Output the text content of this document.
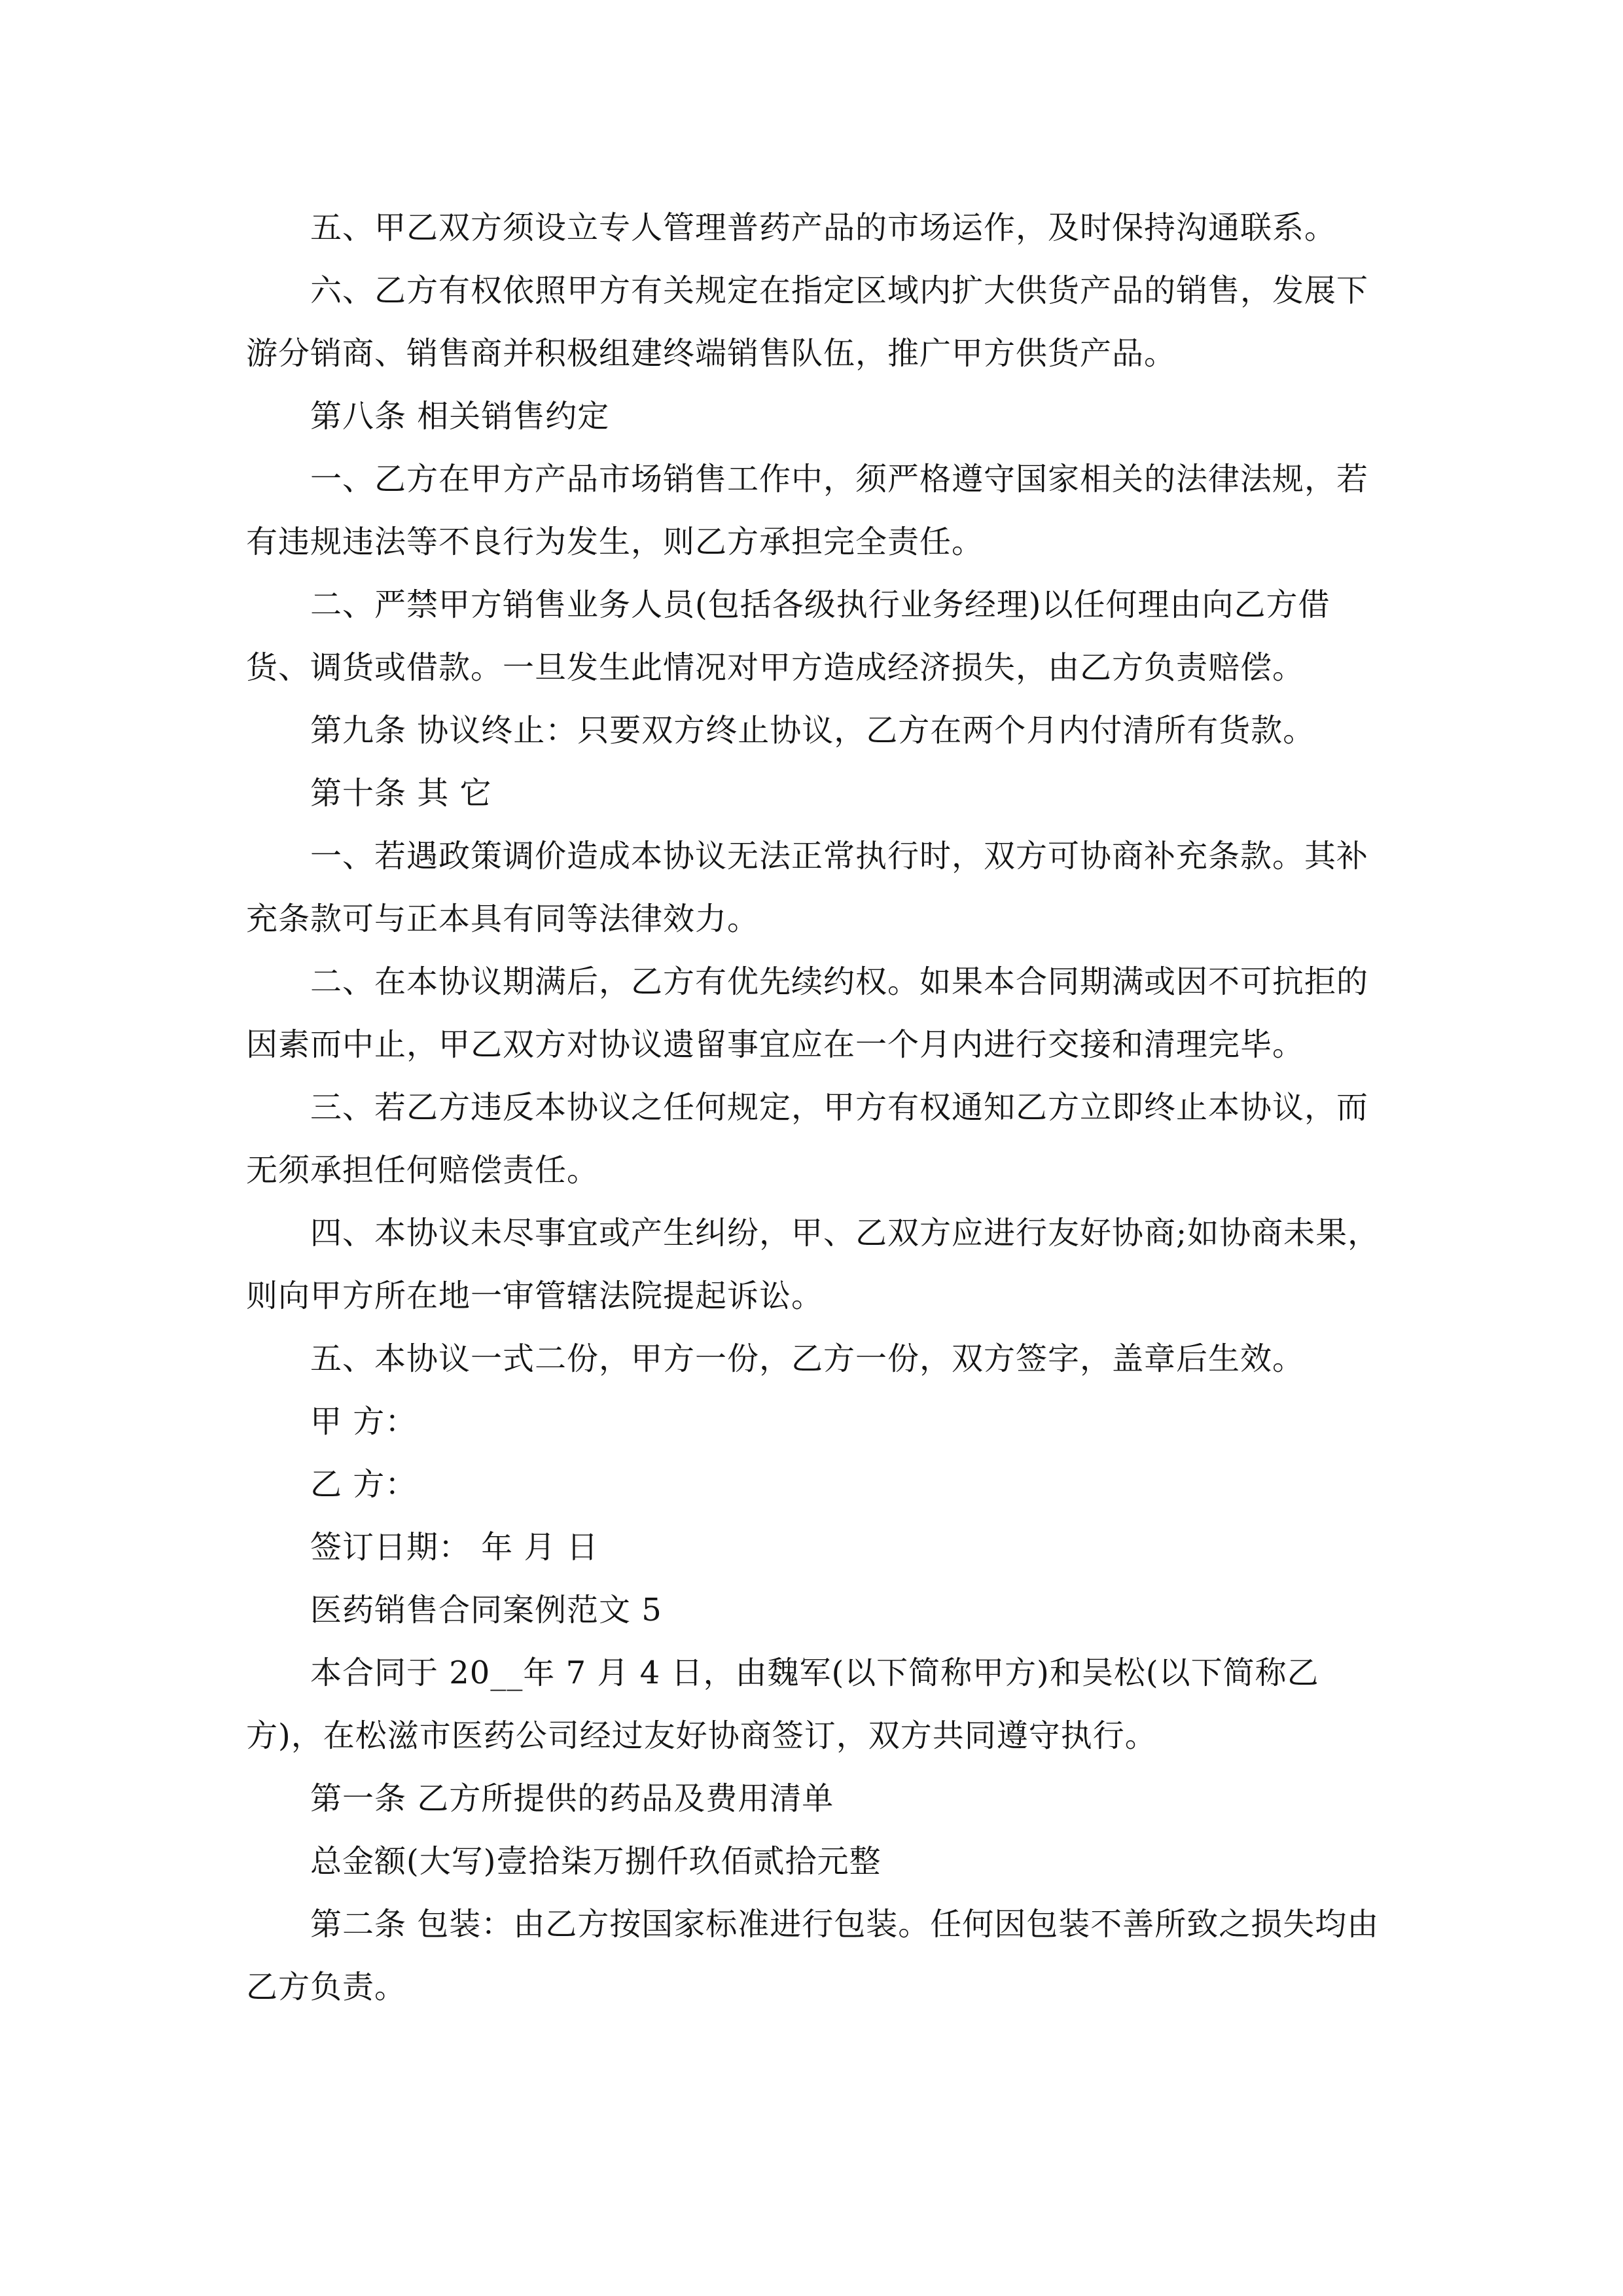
五、甲乙双方须设立专人管理普药产品的市场运作，及时保持沟通联系。

六、乙方有权依照甲方有关规定在指定区域内扩大供货产品的销售，发展下游分销商、销售商并积极组建终端销售队伍，推广甲方供货产品。

第八条 相关销售约定

一、乙方在甲方产品市场销售工作中，须严格遵守国家相关的法律法规，若有违规违法等不良行为发生，则乙方承担完全责任。

二、严禁甲方销售业务人员(包括各级执行业务经理)以任何理由向乙方借货、调货或借款。一旦发生此情况对甲方造成经济损失，由乙方负责赔偿。

第九条 协议终止：只要双方终止协议，乙方在两个月内付清所有货款。

第十条 其 它

一、若遇政策调价造成本协议无法正常执行时，双方可协商补充条款。其补充条款可与正本具有同等法律效力。

二、在本协议期满后，乙方有优先续约权。如果本合同期满或因不可抗拒的因素而中止，甲乙双方对协议遗留事宜应在一个月内进行交接和清理完毕。

三、若乙方违反本协议之任何规定，甲方有权通知乙方立即终止本协议，而无须承担任何赔偿责任。

四、本协议未尽事宜或产生纠纷，甲、乙双方应进行友好协商;如协商未果，则向甲方所在地一审管辖法院提起诉讼。

五、本协议一式二份，甲方一份，乙方一份，双方签字，盖章后生效。

甲 方：

乙 方：

签订日期： 年 月 日

医药销售合同案例范文 5

本合同于 20__年 7 月 4 日，由魏军(以下简称甲方)和吴松(以下简称乙方)，在松滋市医药公司经过友好协商签订，双方共同遵守执行。

第一条 乙方所提供的药品及费用清单

总金额(大写)壹拾柒万捌仟玖佰贰拾元整

第二条 包装：由乙方按国家标准进行包装。任何因包装不善所致之损失均由乙方负责。
